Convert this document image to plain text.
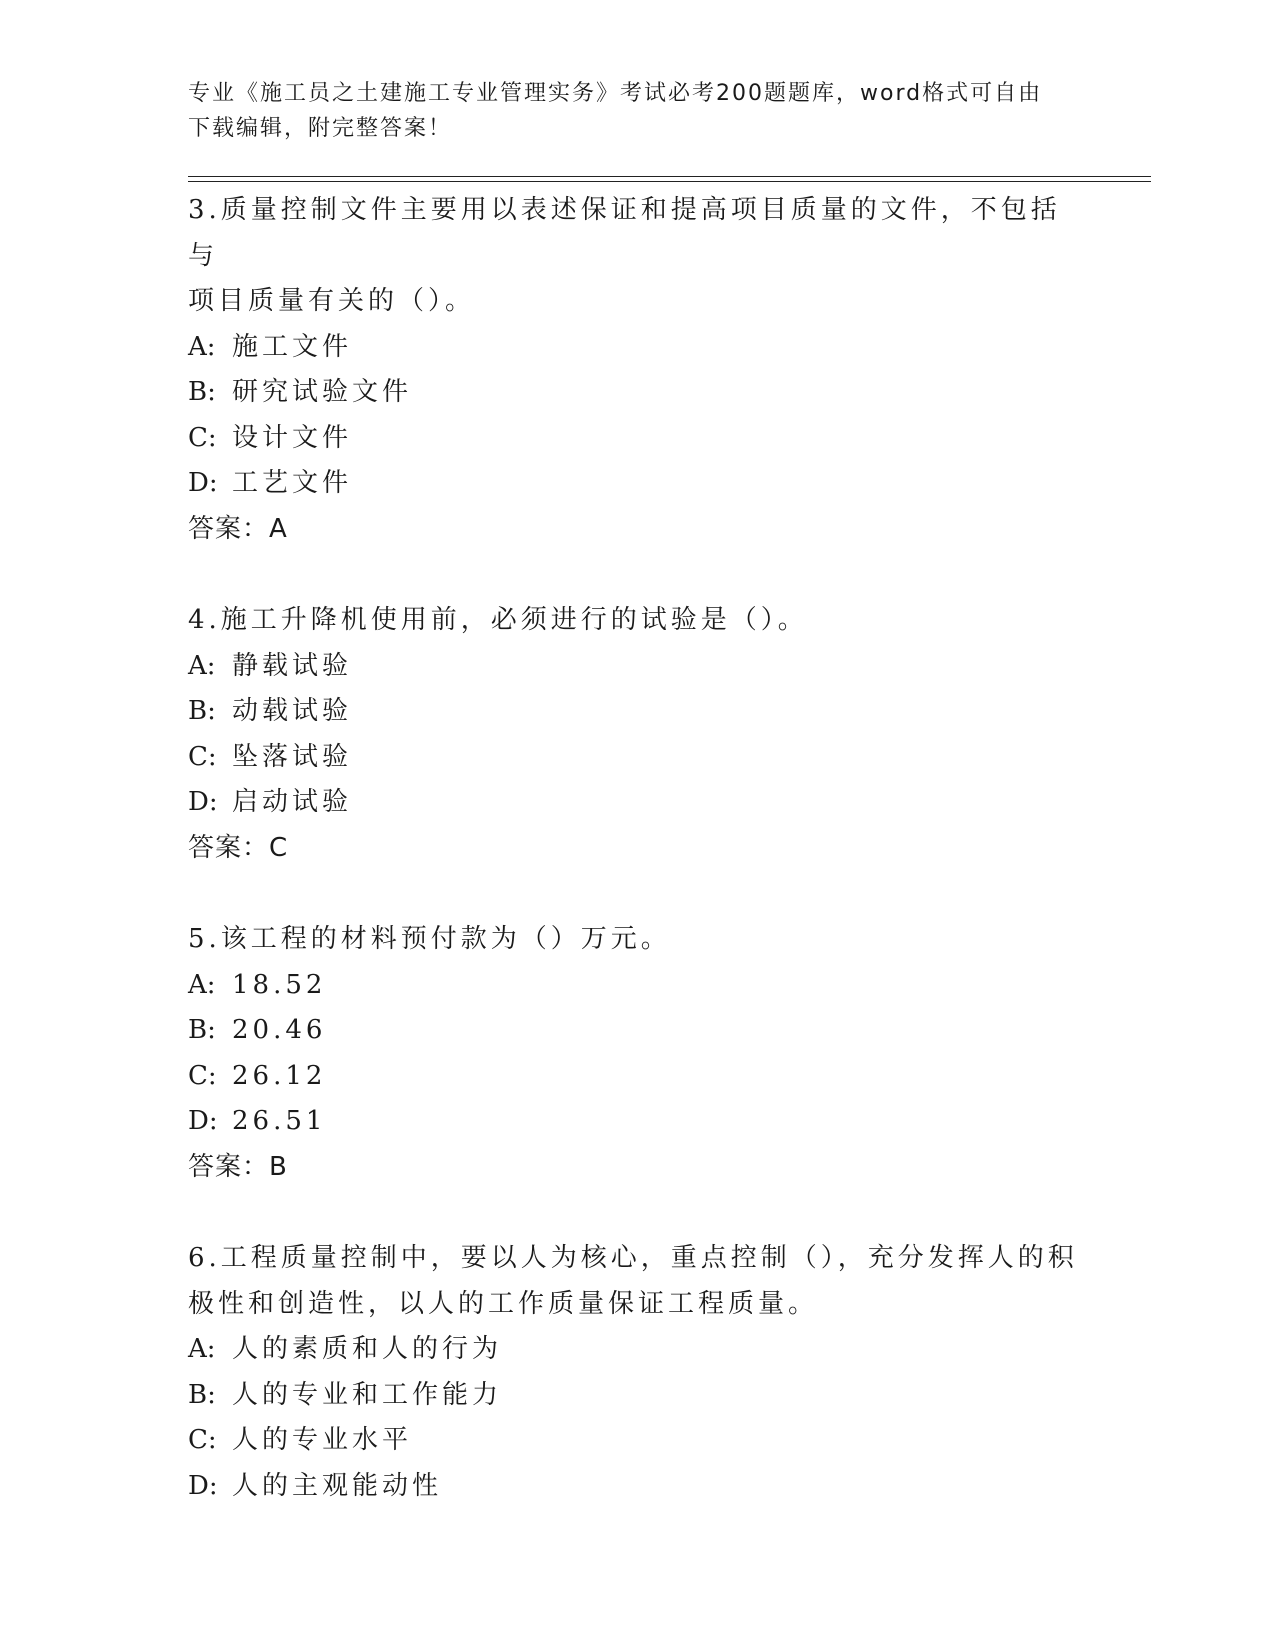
专业《施工员之土建施工专业管理实务》考试必考200题题库，word格式可自由
下载编辑，附完整答案！
3.质量控制文件主要用以表述保证和提高项目质量的文件，不包括与
项目质量有关的（）。
A: 施工文件
B: 研究试验文件
C: 设计文件
D: 工艺文件
答案：A
4.施工升降机使用前，必须进行的试验是（）。
A: 静载试验
B: 动载试验
C: 坠落试验
D: 启动试验
答案：C
5.该工程的材料预付款为（）万元。
A: 18.52
B: 20.46
C: 26.12
D: 26.51
答案：B
6.工程质量控制中，要以人为核心，重点控制（），充分发挥人的积
极性和创造性，以人的工作质量保证工程质量。
A: 人的素质和人的行为
B: 人的专业和工作能力
C: 人的专业水平
D: 人的主观能动性
